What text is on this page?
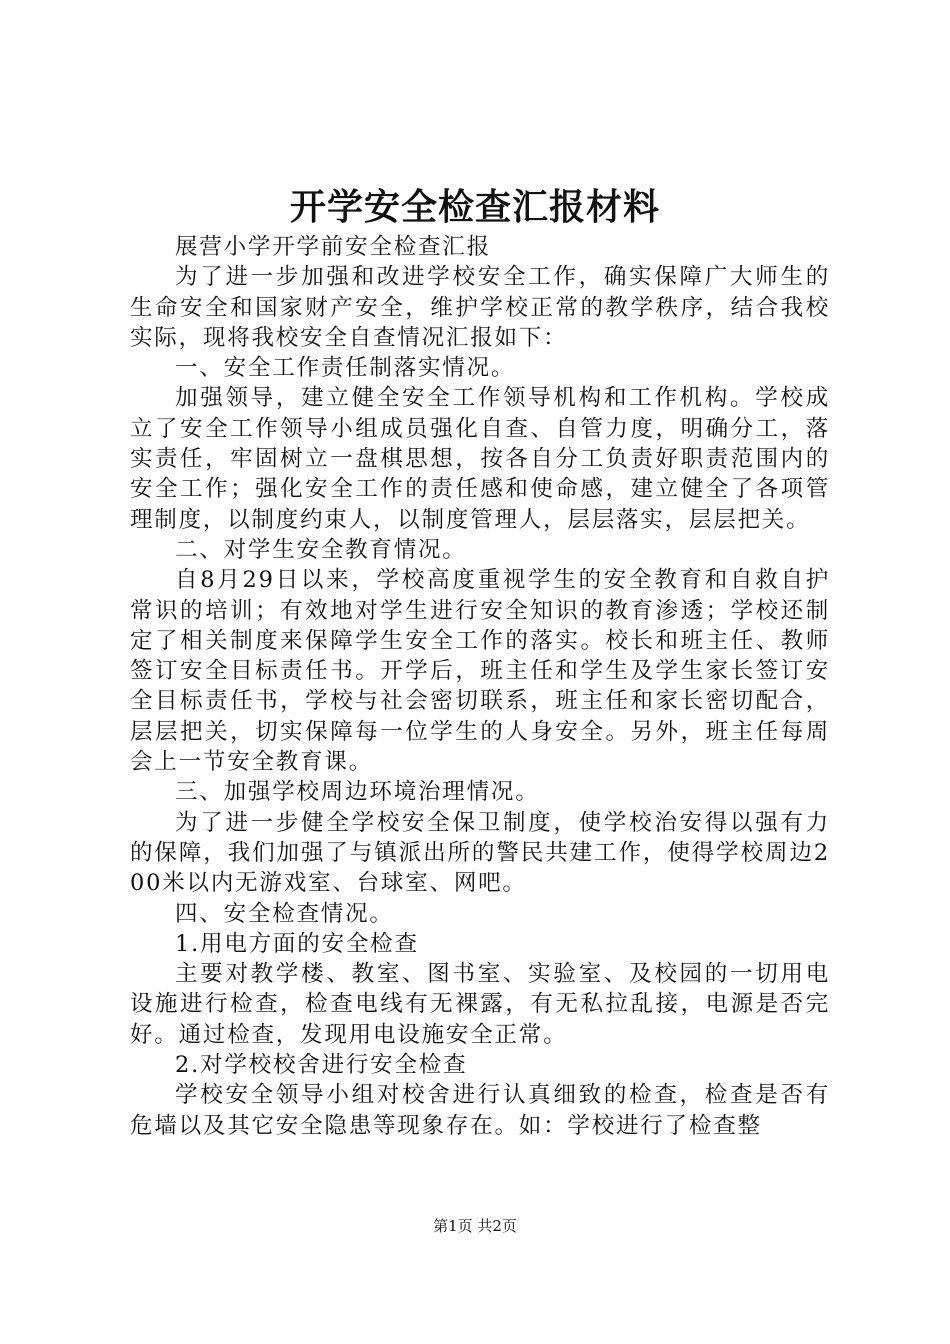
开学安全检查汇报材料

展营小学开学前安全检查汇报

为了进一步加强和改进学校安全工作，确实保障广大师生的生命安全和国家财产安全，维护学校正常的教学秩序，结合我校实际，现将我校安全自查情况汇报如下：

一、安全工作责任制落实情况。

加强领导，建立健全安全工作领导机构和工作机构。学校成立了安全工作领导小组成员强化自查、自管力度，明确分工，落实责任，牢固树立一盘棋思想，按各自分工负责好职责范围内的安全工作；强化安全工作的责任感和使命感，建立健全了各项管理制度，以制度约束人，以制度管理人，层层落实，层层把关。

二、对学生安全教育情况。

自8月29日以来，学校高度重视学生的安全教育和自救自护常识的培训；有效地对学生进行安全知识的教育渗透；学校还制定了相关制度来保障学生安全工作的落实。校长和班主任、教师签订安全目标责任书。开学后，班主任和学生及学生家长签订安全目标责任书，学校与社会密切联系，班主任和家长密切配合，层层把关，切实保障每一位学生的人身安全。另外，班主任每周会上一节安全教育课。

三、加强学校周边环境治理情况。

为了进一步健全学校安全保卫制度，使学校治安得以强有力的保障，我们加强了与镇派出所的警民共建工作，使得学校周边200米以内无游戏室、台球室、网吧。

四、安全检查情况。

1.用电方面的安全检查

主要对教学楼、教室、图书室、实验室、及校园的一切用电设施进行检查，检查电线有无裸露，有无私拉乱接，电源是否完好。通过检查，发现用电设施安全正常。

2.对学校校舍进行安全检查

学校安全领导小组对校舍进行认真细致的检查，检查是否有危墙以及其它安全隐患等现象存在。如：学校进行了检查整

第1页 共2页
